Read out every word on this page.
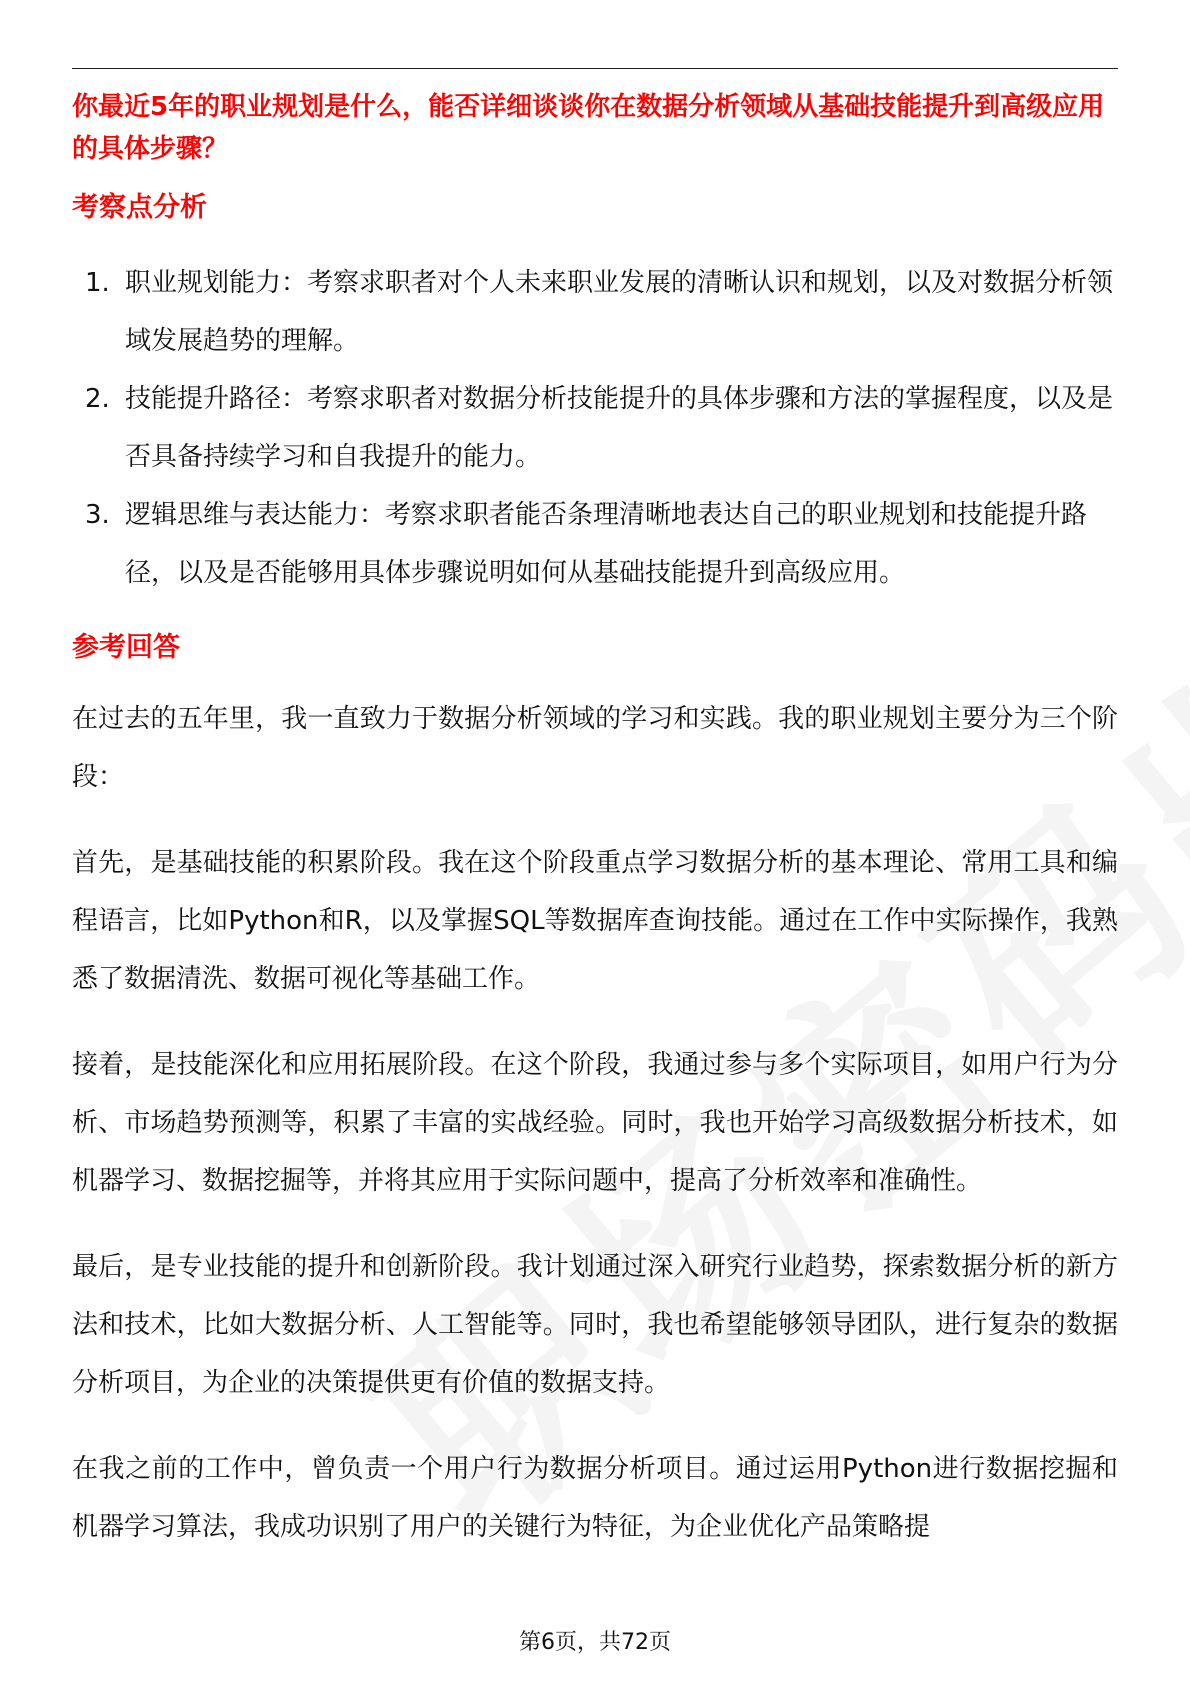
你最近5年的职业规划是什么，能否详细谈谈你在数据分析领域从基础技能提升到高级应用的具体步骤？

考察点分析
1. 职业规划能力：考察求职者对个人未来职业发展的清晰认识和规划，以及对数据分析领域发展趋势的理解。
2. 技能提升路径：考察求职者对数据分析技能提升的具体步骤和方法的掌握程度，以及是否具备持续学习和自我提升的能力。
3. 逻辑思维与表达能力：考察求职者能否条理清晰地表达自己的职业规划和技能提升路径，以及是否能够用具体步骤说明如何从基础技能提升到高级应用。
参考回答

在过去的五年里，我一直致力于数据分析领域的学习和实践。我的职业规划主要分为三个阶段：

首先，是基础技能的积累阶段。我在这个阶段重点学习数据分析的基本理论、常用工具和编程语言，比如Python和R，以及掌握SQL等数据库查询技能。通过在工作中实际操作，我熟悉了数据清洗、数据可视化等基础工作。

接着，是技能深化和应用拓展阶段。在这个阶段，我通过参与多个实际项目，如用户行为分析、市场趋势预测等，积累了丰富的实战经验。同时，我也开始学习高级数据分析技术，如机器学习、数据挖掘等，并将其应用于实际问题中，提高了分析效率和准确性。

最后，是专业技能的提升和创新阶段。我计划通过深入研究行业趋势，探索数据分析的新方法和技术，比如大数据分析、人工智能等。同时，我也希望能够领导团队，进行复杂的数据分析项目，为企业的决策提供更有价值的数据支持。

在我之前的工作中，曾负责一个用户行为数据分析项目。通过运用Python进行数据挖掘和机器学习算法，我成功识别了用户的关键行为特征，为企业优化产品策略提

第6页，共72页
